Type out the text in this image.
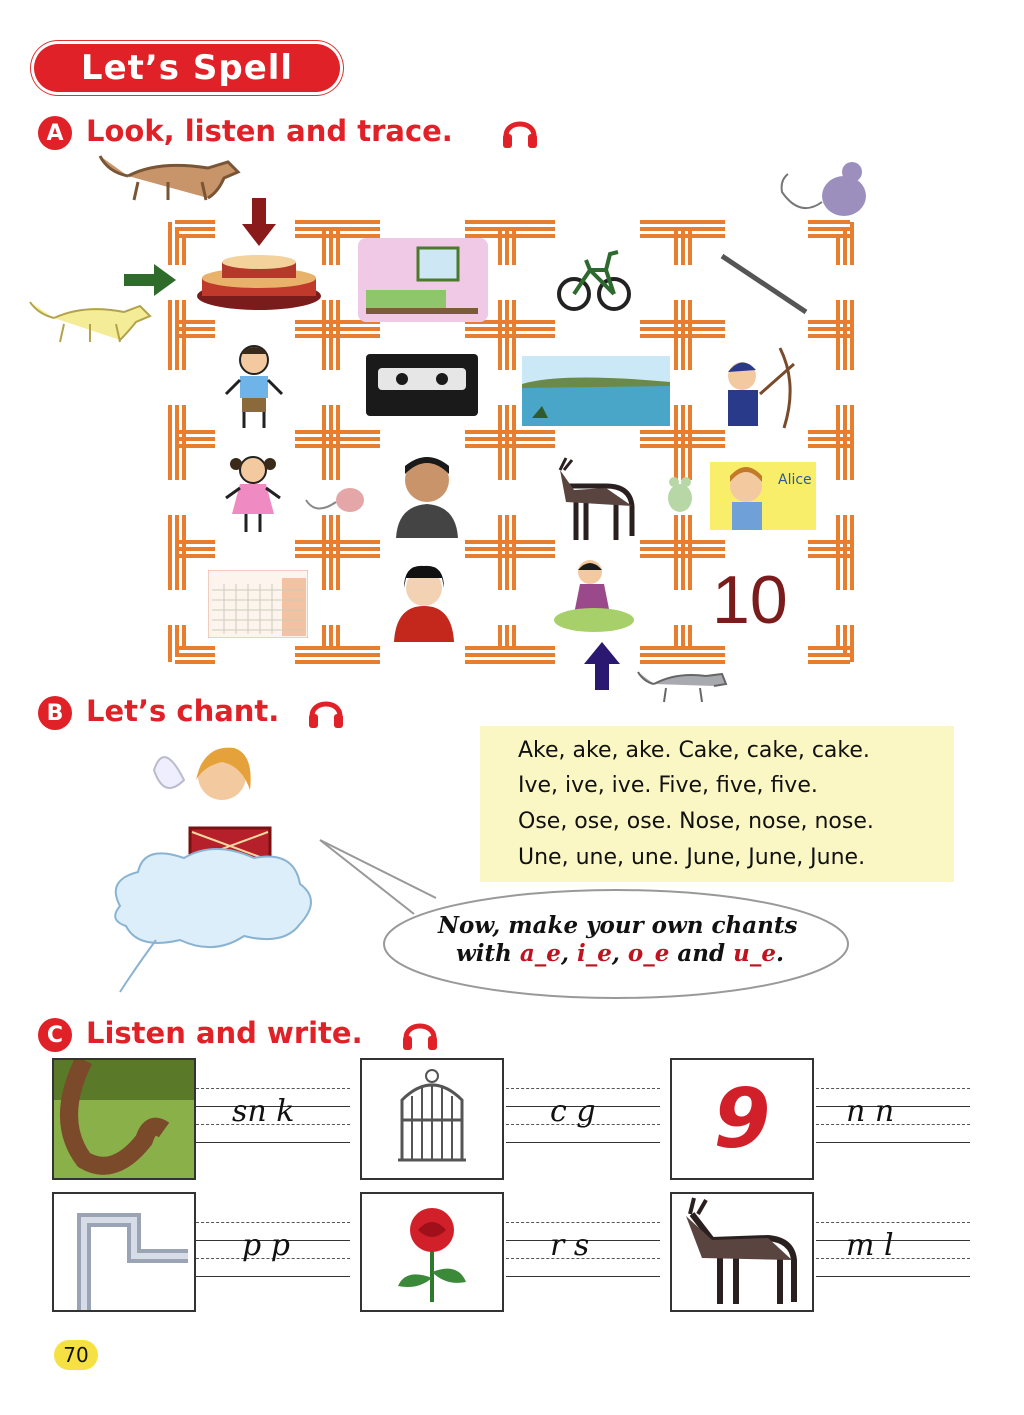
Let’s Spell
A Look, listen and trace.
Alice
10
B Let’s chant.
Ake, ake, ake. Cake, cake, cake.
Ive, ive, ive. Five, five, five.
Ose, ose, ose. Nose, nose, nose.
Une, une, une. June, June, June.
Now, make your own chants
with a_e, i_e, o_e and u_e.
C Listen and write.
sn k	c g 9	n n
p p	r s	m l
70
